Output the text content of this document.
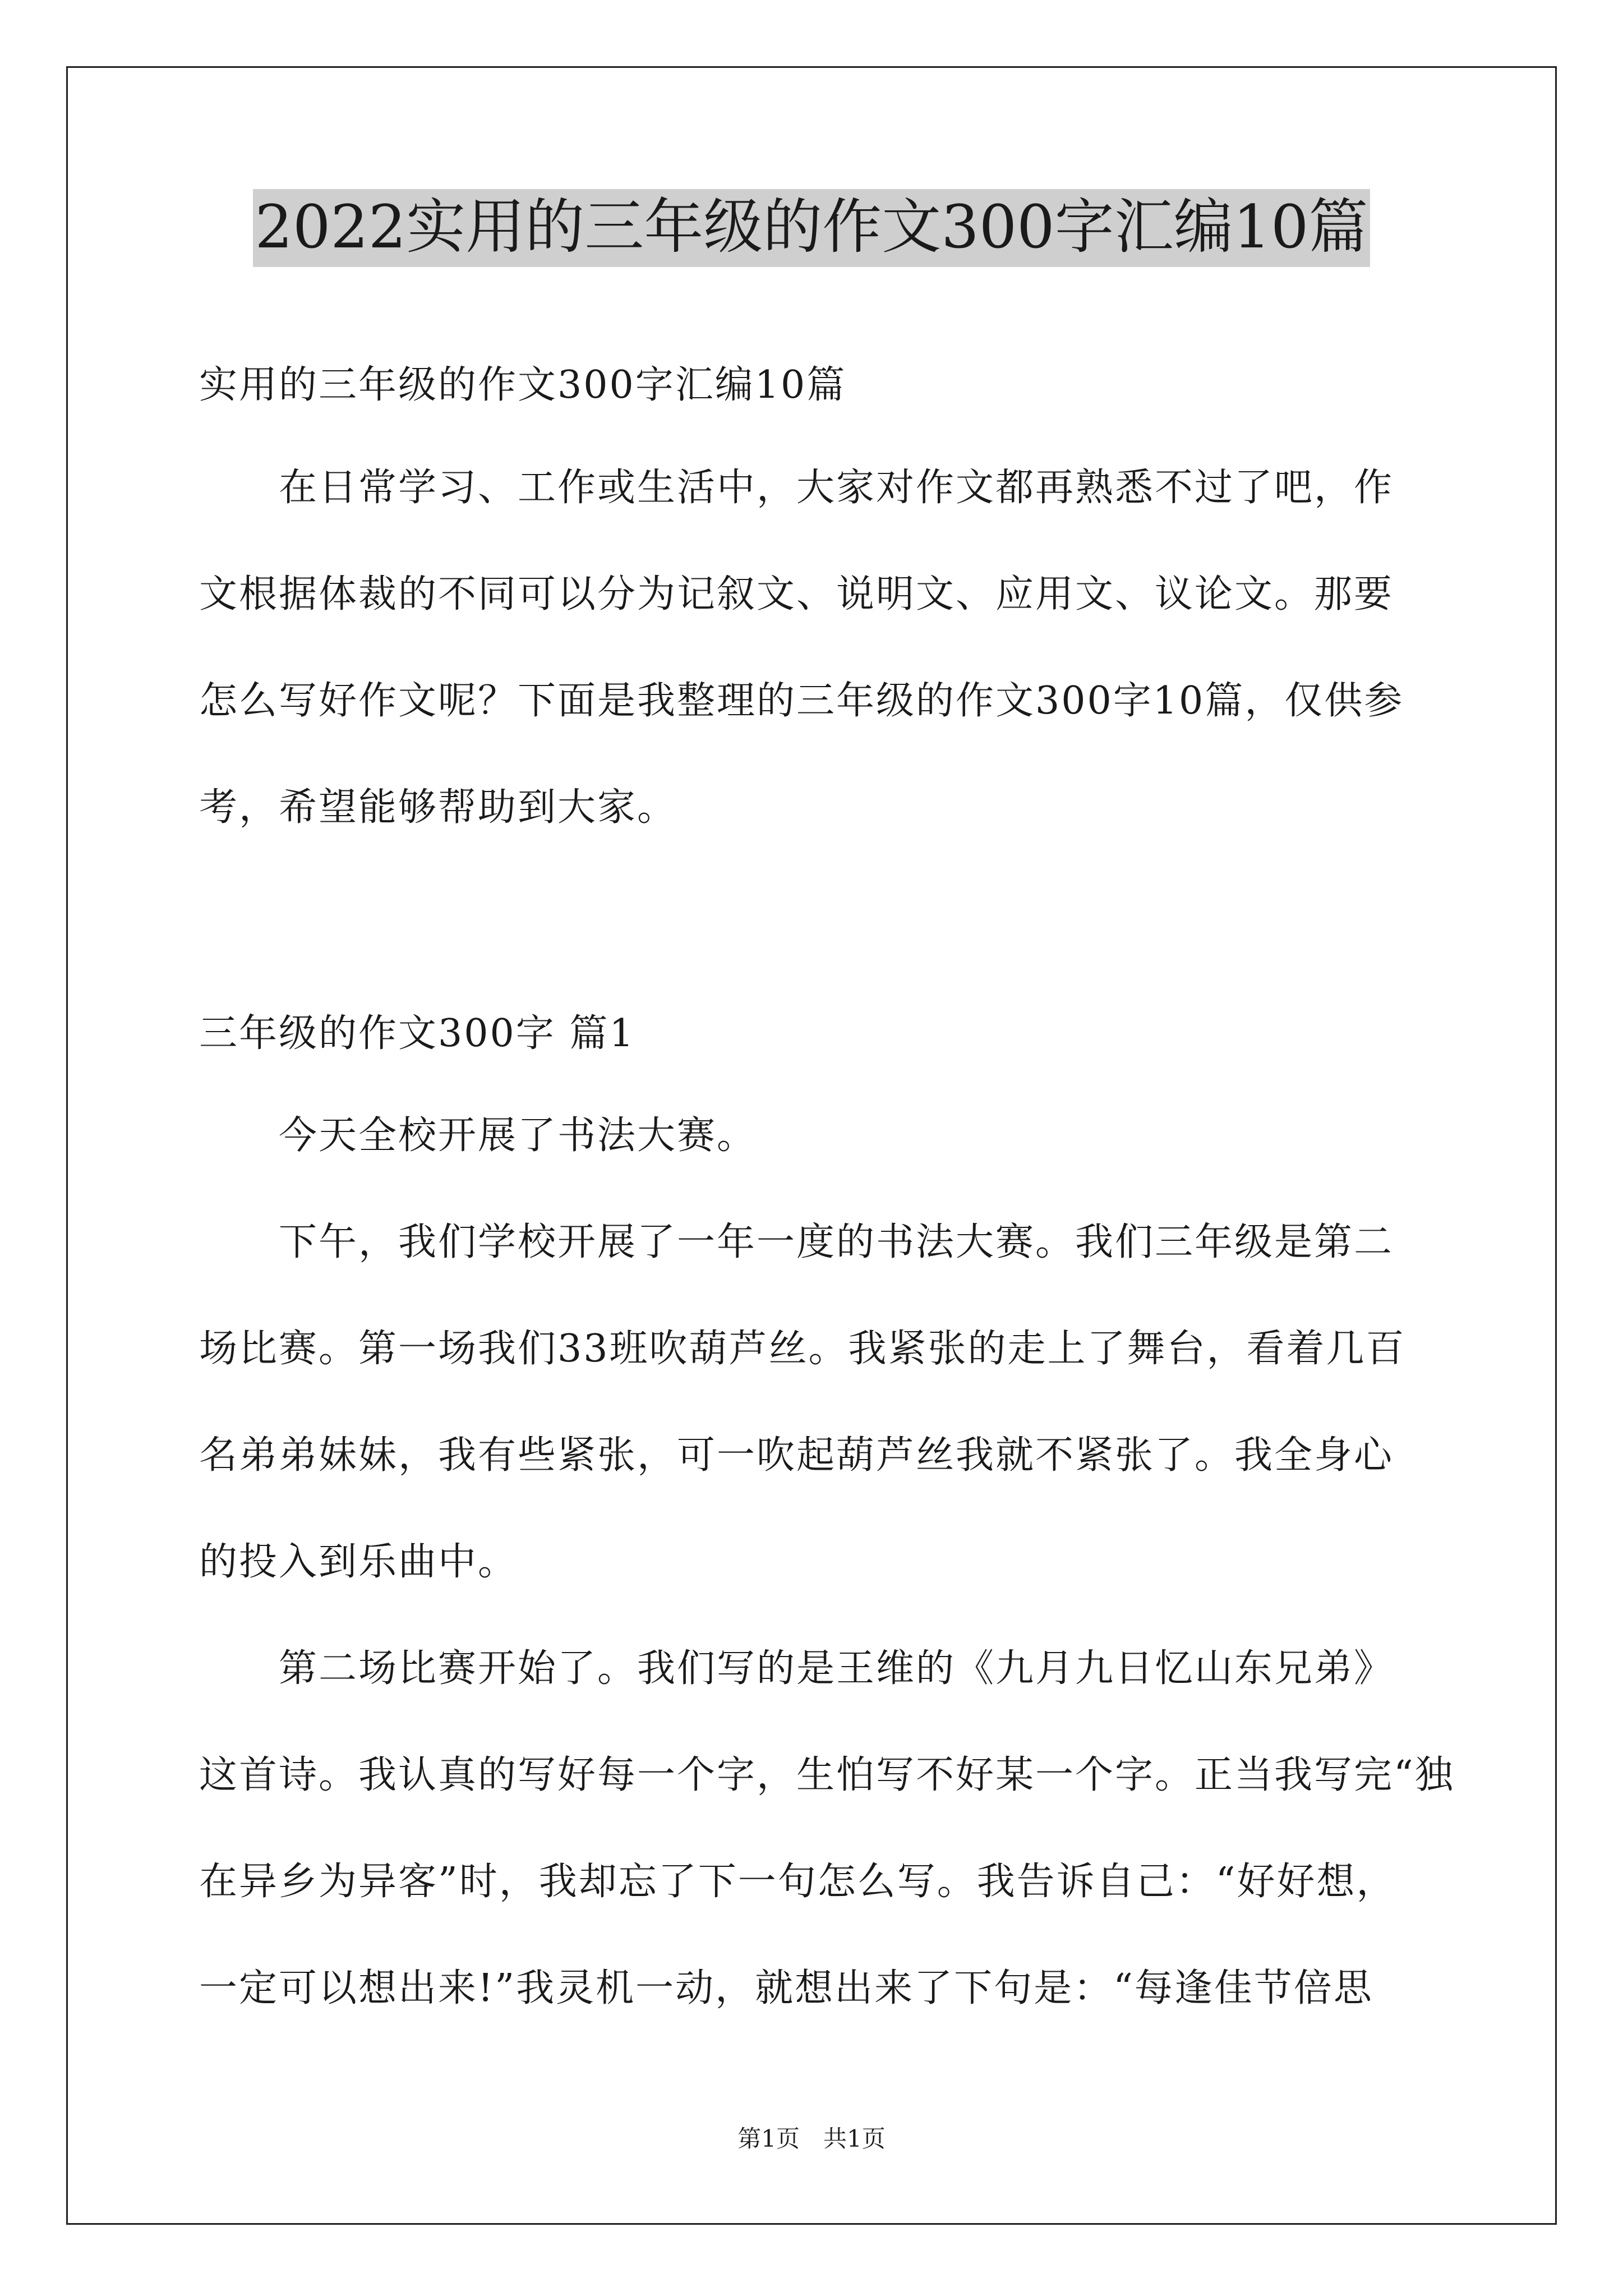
2022实用的三年级的作文300字汇编10篇

实用的三年级的作文300字汇编10篇

　　在日常学习、工作或生活中，大家对作文都再熟悉不过了吧，作
文根据体裁的不同可以分为记叙文、说明文、应用文、议论文。那要
怎么写好作文呢？下面是我整理的三年级的作文300字10篇，仅供参
考，希望能够帮助到大家。

三年级的作文300字 篇1

　　今天全校开展了书法大赛。
　　下午，我们学校开展了一年一度的书法大赛。我们三年级是第二
场比赛。第一场我们33班吹葫芦丝。我紧张的走上了舞台，看着几百
名弟弟妹妹，我有些紧张，可一吹起葫芦丝我就不紧张了。我全身心
的投入到乐曲中。
　　第二场比赛开始了。我们写的是王维的《九月九日忆山东兄弟》
这首诗。我认真的写好每一个字，生怕写不好某一个字。正当我写完“独
在异乡为异客”时，我却忘了下一句怎么写。我告诉自己：“好好想，
一定可以想出来!”我灵机一动，就想出来了下句是：“每逢佳节倍思
第1页　共1页
